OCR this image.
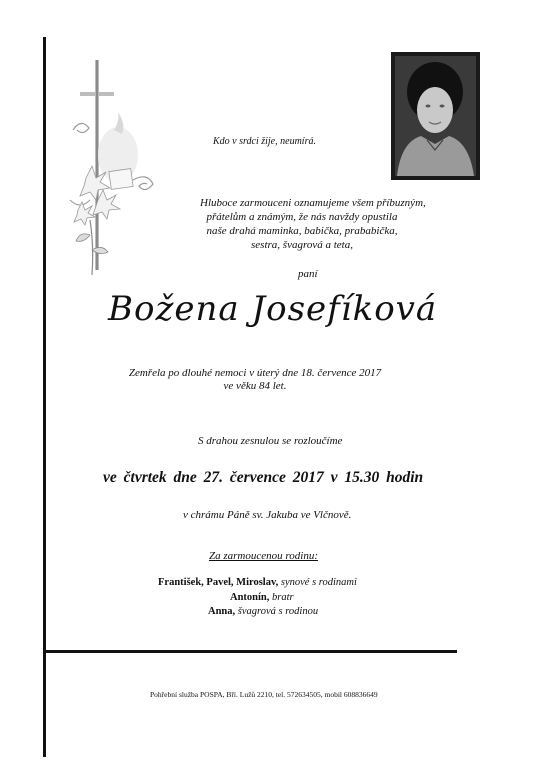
Kdo v srdci žije, neumírá.
Hluboce zarmouceni oznamujeme všem příbuzným,
přátelům a známým, že nás navždy opustila
naše drahá maminka, babička, prababička,
sestra, švagrová a teta,
paní
Božena Josefíková
Zemřela po dlouhé nemoci v úterý dne 18. července 2017
ve věku 84 let.
S drahou zesnulou se rozloučíme
ve čtvrtek dne 27. července 2017 v 15.30 hodin
v chrámu Páně sv. Jakuba ve Vlčnově.
Za zarmoucenou rodinu:
František, Pavel, Miroslav, synové s rodinami
Antonín, bratr
Anna, švagrová s rodinou
Pohřební služba POSPA, Bří. Lužů 2210, tel. 572634505, mobil 608836649
